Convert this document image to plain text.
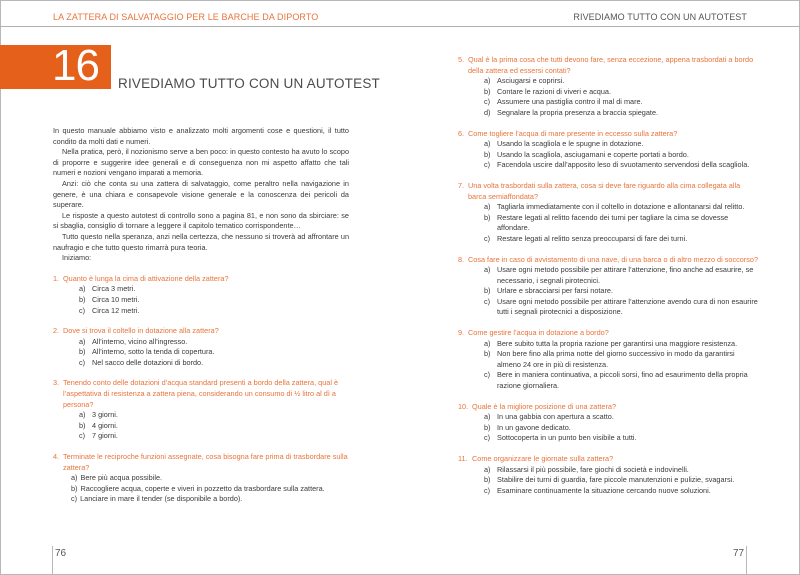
LA ZATTERA DI SALVATAGGIO PER LE BARCHE DA DIPORTO	RIVEDIAMO TUTTO CON UN AUTOTEST
16 RIVEDIAMO TUTTO CON UN AUTOTEST

In questo manuale abbiamo visto e analizzato molti argomenti cose e questioni, il tutto condito da molti dati e numeri.

Nella pratica, però, il nozionismo serve a ben poco: in questo contesto ha avuto lo scopo di proporre e suggerire idee generali e di conseguenza non mi aspetto affatto che tali numeri e nozioni vengano imparati a memoria.

Anzi: ciò che conta su una zattera di salvataggio, come peraltro nella navigazione in genere, è una chiara e consapevole visione generale e la conoscenza dei pericoli da superare.

Le risposte a questo autotest di controllo sono a pagina 81, e non sono da sbirciare: se si sbaglia, consiglio di tornare a leggere il capitolo tematico corrispondente…

Tutto questo nella speranza, anzi nella certezza, che nessuno si troverà ad affrontare un naufragio e che tutto questo rimarrà pura teoria.

Iniziamo:

1. Quanto è lunga la cima di attivazione della zattera?
a) Circa 3 metri.
b) Circa 10 metri.
c) Circa 12 metri.
2. Dove si trova il coltello in dotazione alla zattera?
a) All’interno, vicino all’ingresso.
b) All’interno, sotto la tenda di copertura.
c) Nel sacco delle dotazioni di bordo.
3. Tenendo conto delle dotazioni d’acqua standard presenti a bordo della zattera, qual è l’aspettativa di resistenza a zattera piena, considerando un consumo di ½ litro al dì a persona?
a) 3 giorni.
b) 4 giorni.
c) 7 giorni.
4. Terminate le reciproche funzioni assegnate, cosa bisogna fare prima di trasbordare sulla zattera?
a) Bere più acqua possibile.
b) Raccogliere acqua, coperte e viveri in pozzetto da trasbordare sulla zattera.
c) Lanciare in mare il tender (se disponibile a bordo).
5. Qual è la prima cosa che tutti devono fare, senza eccezione, appena trasbordati a bordo della zattera ed essersi contati?
a) Asciugarsi e coprirsi.
b) Contare le razioni di viveri e acqua.
c) Assumere una pastiglia contro il mal di mare.
d) Segnalare la propria presenza a braccia spiegate.
6. Come togliere l’acqua di mare presente in eccesso sulla zattera?
a) Usando la scagliola e le spugne in dotazione.
b) Usando la scagliola, asciugamani e coperte portati a bordo.
c) Facendola uscire dall’apposito leso di svuotamento servendosi della scagliola.
7. Una volta trasbordati sulla zattera, cosa si deve fare riguardo alla cima collegata alla barca semiaffondata?
a) Tagliarla immediatamente con il coltello in dotazione e allontanarsi dal relitto.
b) Restare legati al relitto facendo dei turni per tagliare la cima se dovesse affondare.
c) Restare legati al relitto senza preoccuparsi di fare dei turni.
8. Cosa fare in caso di avvistamento di una nave, di una barca o di altro mezzo di soccorso?
a) Usare ogni metodo possibile per attirare l’attenzione, fino anche ad esaurire, se necessario, i segnali pirotecnici.
b) Urlare e sbracciarsi per farsi notare.
c) Usare ogni metodo possibile per attirare l’attenzione avendo cura di non esaurire tutti i segnali pirotecnici a disposizione.
9. Come gestire l’acqua in dotazione a bordo?
a) Bere subito tutta la propria razione per garantirsi una maggiore resistenza.
b) Non bere fino alla prima notte del giorno successivo in modo da garantirsi almeno 24 ore in più di resistenza.
c) Bere in maniera continuativa, a piccoli sorsi, fino ad esaurimento della propria razione giornaliera.
10. Quale è la migliore posizione di una zattera?
a) In una gabbia con apertura a scatto.
b) In un gavone dedicato.
c) Sottocoperta in un punto ben visibile a tutti.
11. Come organizzare le giornate sulla zattera?
a) Rilassarsi il più possibile, fare giochi di società e indovinelli.
b) Stabilire dei turni di guardia, fare piccole manutenzioni e pulizie, svagarsi.
c) Esaminare continuamente la situazione cercando nuove soluzioni.
76	77
